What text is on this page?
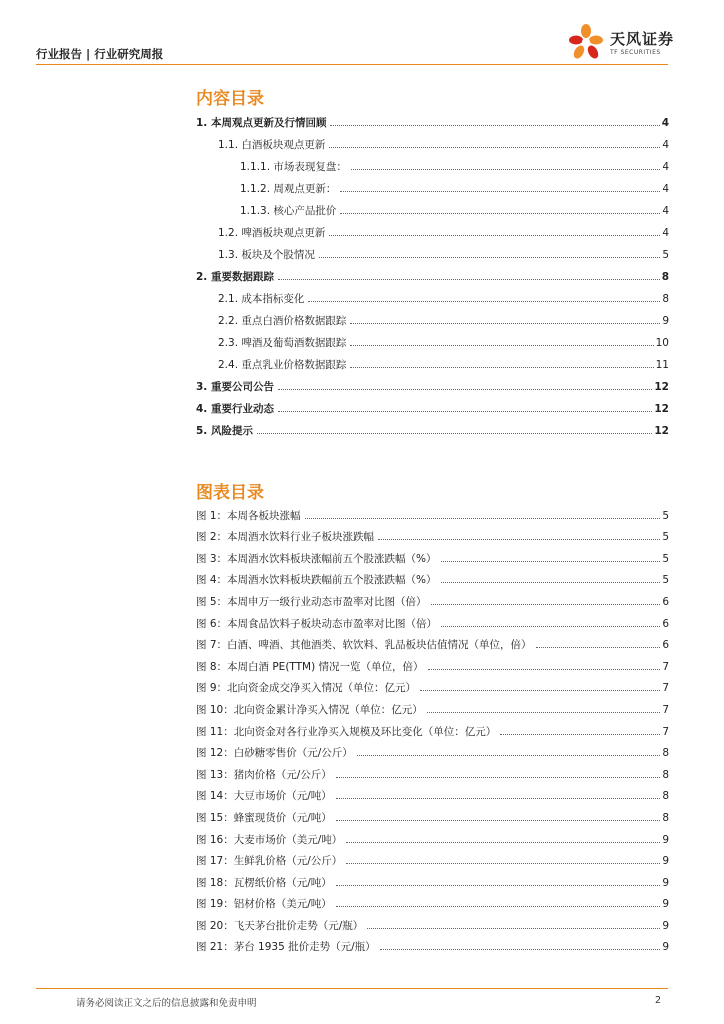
行业报告 | 行业研究周报
天风证券
TF SECURITIES
内容目录
1. 本周观点更新及行情回顾	4
1.1. 白酒板块观点更新	4
1.1.1. 市场表现复盘：	4
1.1.2. 周观点更新：	4
1.1.3. 核心产品批价	4
1.2. 啤酒板块观点更新	4
1.3. 板块及个股情况	5
2. 重要数据跟踪	8
2.1. 成本指标变化	8
2.2. 重点白酒价格数据跟踪	9
2.3. 啤酒及葡萄酒数据跟踪	10
2.4. 重点乳业价格数据跟踪	11
3. 重要公司公告	12
4. 重要行业动态	12
5. 风险提示	12
图表目录
图 1：本周各板块涨幅	5
图 2：本周酒水饮料行业子板块涨跌幅	5
图 3：本周酒水饮料板块涨幅前五个股涨跌幅（%）	5
图 4：本周酒水饮料板块跌幅前五个股涨跌幅（%）	5
图 5：本周申万一级行业动态市盈率对比图（倍）	6
图 6：本周食品饮料子板块动态市盈率对比图（倍）	6
图 7：白酒、啤酒、其他酒类、软饮料、乳品板块估值情况（单位，倍）	6
图 8：本周白酒 PE(TTM) 情况一览（单位，倍）	7
图 9：北向资金成交净买入情况（单位：亿元）	7
图 10：北向资金累计净买入情况（单位：亿元）	7
图 11：北向资金对各行业净买入规模及环比变化（单位：亿元）	7
图 12：白砂糖零售价（元/公斤）	8
图 13：猪肉价格（元/公斤）	8
图 14：大豆市场价（元/吨）	8
图 15：蜂蜜现货价（元/吨）	8
图 16：大麦市场价（美元/吨）	9
图 17：生鲜乳价格（元/公斤）	9
图 18：瓦楞纸价格（元/吨）	9
图 19：铝材价格（美元/吨）	9
图 20：飞天茅台批价走势（元/瓶）	9
图 21：茅台 1935 批价走势（元/瓶）	9
请务必阅读正文之后的信息披露和免责申明	2
